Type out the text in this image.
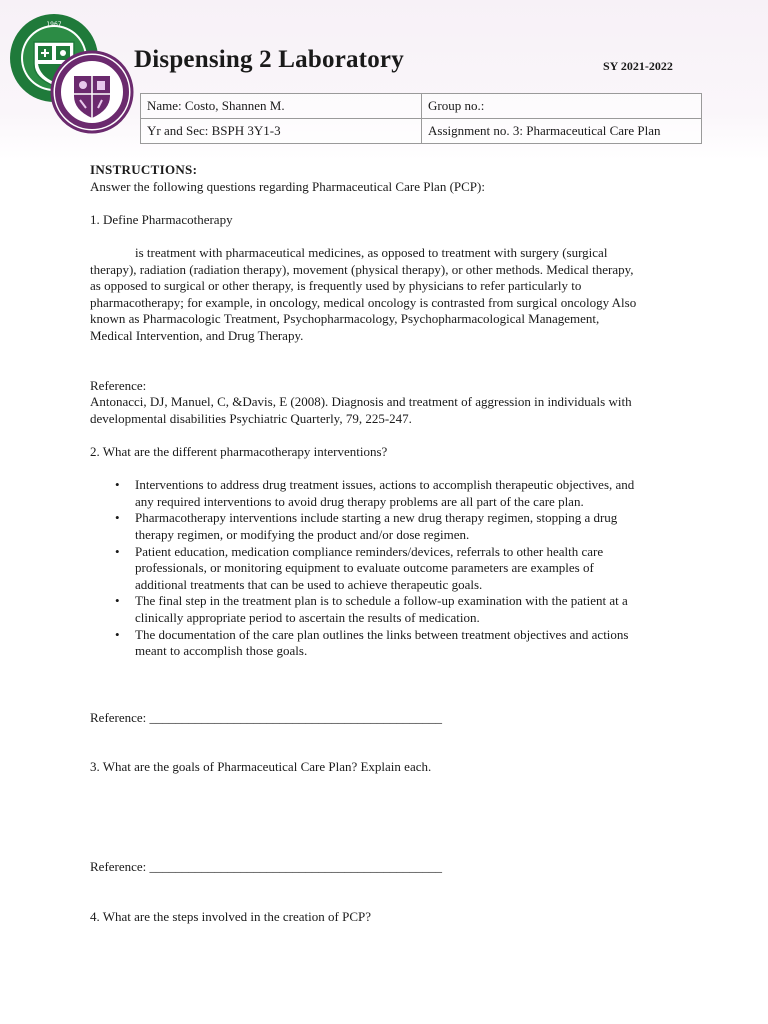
1967
Dispensing 2 Laboratory	SY 2021-2022
Name: Costo, Shannen M.	Group no.:
Yr and Sec: BSPH 3Y1-3	Assignment no. 3: Pharmaceutical Care Plan

INSTRUCTIONS:

Answer the following questions regarding Pharmaceutical Care Plan (PCP):

1. Define Pharmacotherapy

is treatment with pharmaceutical medicines, as opposed to treatment with surgery (surgical

therapy), radiation (radiation therapy), movement (physical therapy), or other methods. Medical therapy,

as opposed to surgical or other therapy, is frequently used by physicians to refer particularly to

pharmacotherapy; for example, in oncology, medical oncology is contrasted from surgical oncology Also

known as Pharmacologic Treatment, Psychopharmacology, Psychopharmacological Management,

Medical Intervention, and Drug Therapy.

Reference:

Antonacci, DJ, Manuel, C, &Davis, E (2008). Diagnosis and treatment of aggression in individuals with

developmental disabilities Psychiatric Quarterly, 79, 225-247.

2. What are the different pharmacotherapy interventions?

• Interventions to address drug treatment issues, actions to accomplish therapeutic objectives, and

any required interventions to avoid drug therapy problems are all part of the care plan.

• Pharmacotherapy interventions include starting a new drug therapy regimen, stopping a drug

therapy regimen, or modifying the product and/or dose regimen.

• Patient education, medication compliance reminders/devices, referrals to other health care

professionals, or monitoring equipment to evaluate outcome parameters are examples of

additional treatments that can be used to achieve therapeutic goals.

• The final step in the treatment plan is to schedule a follow-up examination with the patient at a

clinically appropriate period to ascertain the results of medication.

• The documentation of the care plan outlines the links between treatment objectives and actions

meant to accomplish those goals.

Reference: _____________________________________________

3. What are the goals of Pharmaceutical Care Plan? Explain each.

Reference: _____________________________________________

4. What are the steps involved in the creation of PCP?
